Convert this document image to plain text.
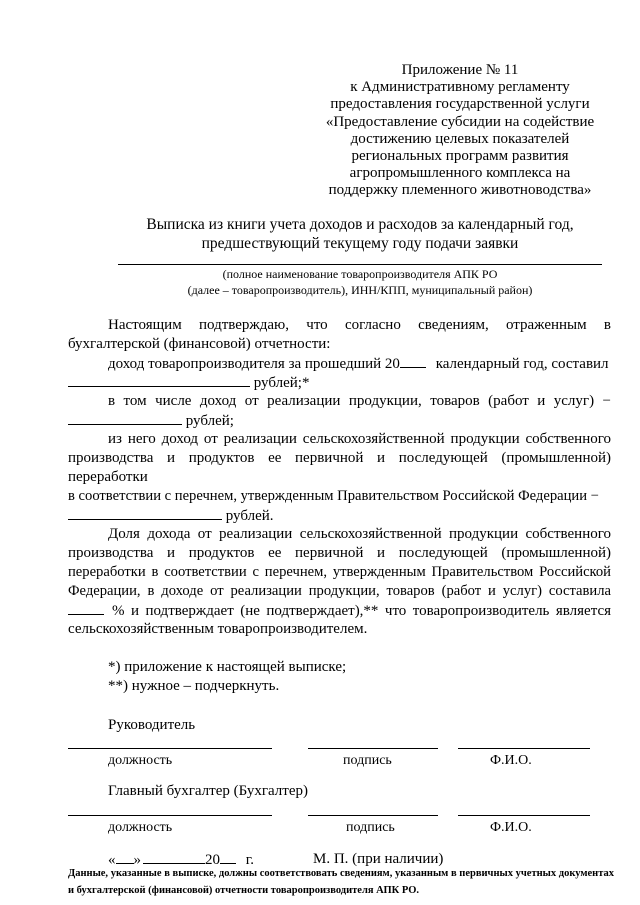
Приложение № 11
к Административному регламенту
предоставления государственной услуги
«Предоставление субсидии на содействие
достижению целевых показателей
региональных программ развития
агропромышленного комплекса на
поддержку племенного животноводства»
Выписка из книги учета доходов и расходов за календарный год,
предшествующий текущему году подачи заявки
(полное наименование товаропроизводителя АПК РО
(далее – товаропроизводитель), ИНН/КПП, муниципальный район)
Настоящим подтверждаю, что согласно сведениям, отраженным в
бухгалтерской (финансовой) отчетности:
доход товаропроизводителя за прошедший 20 календарный год, составил
рублей;*
в том числе доход от реализации продукции, товаров (работ и услуг) −
рублей;
из него доход от реализации сельскохозяйственной продукции собственного
производства и продуктов ее первичной и последующей (промышленной)
переработки
в соответствии с перечнем, утвержденным Правительством Российской Федерации −
рублей.
Доля дохода от реализации сельскохозяйственной продукции собственного
производства и продуктов ее первичной и последующей (промышленной)
переработки в соответствии с перечнем, утвержденным Правительством Российской
Федерации, в доходе от реализации продукции, товаров (работ и услуг) составила
% и подтверждает (не подтверждает),** что товаропроизводитель является
сельскохозяйственным товаропроизводителем.
*) приложение к настоящей выписке;
**) нужное – подчеркнуть.
Руководитель
должность	подпись	Ф.И.О.
Главный бухгалтер (Бухгалтер)
должность	подпись	Ф.И.О.
« »	20 г.	М. П. (при наличии)
Данные, указанные в выписке, должны соответствовать сведениям, указанным в первичных учетных документах и бухгалтерской (финансовой) отчетности товаропроизводителя АПК РО.
